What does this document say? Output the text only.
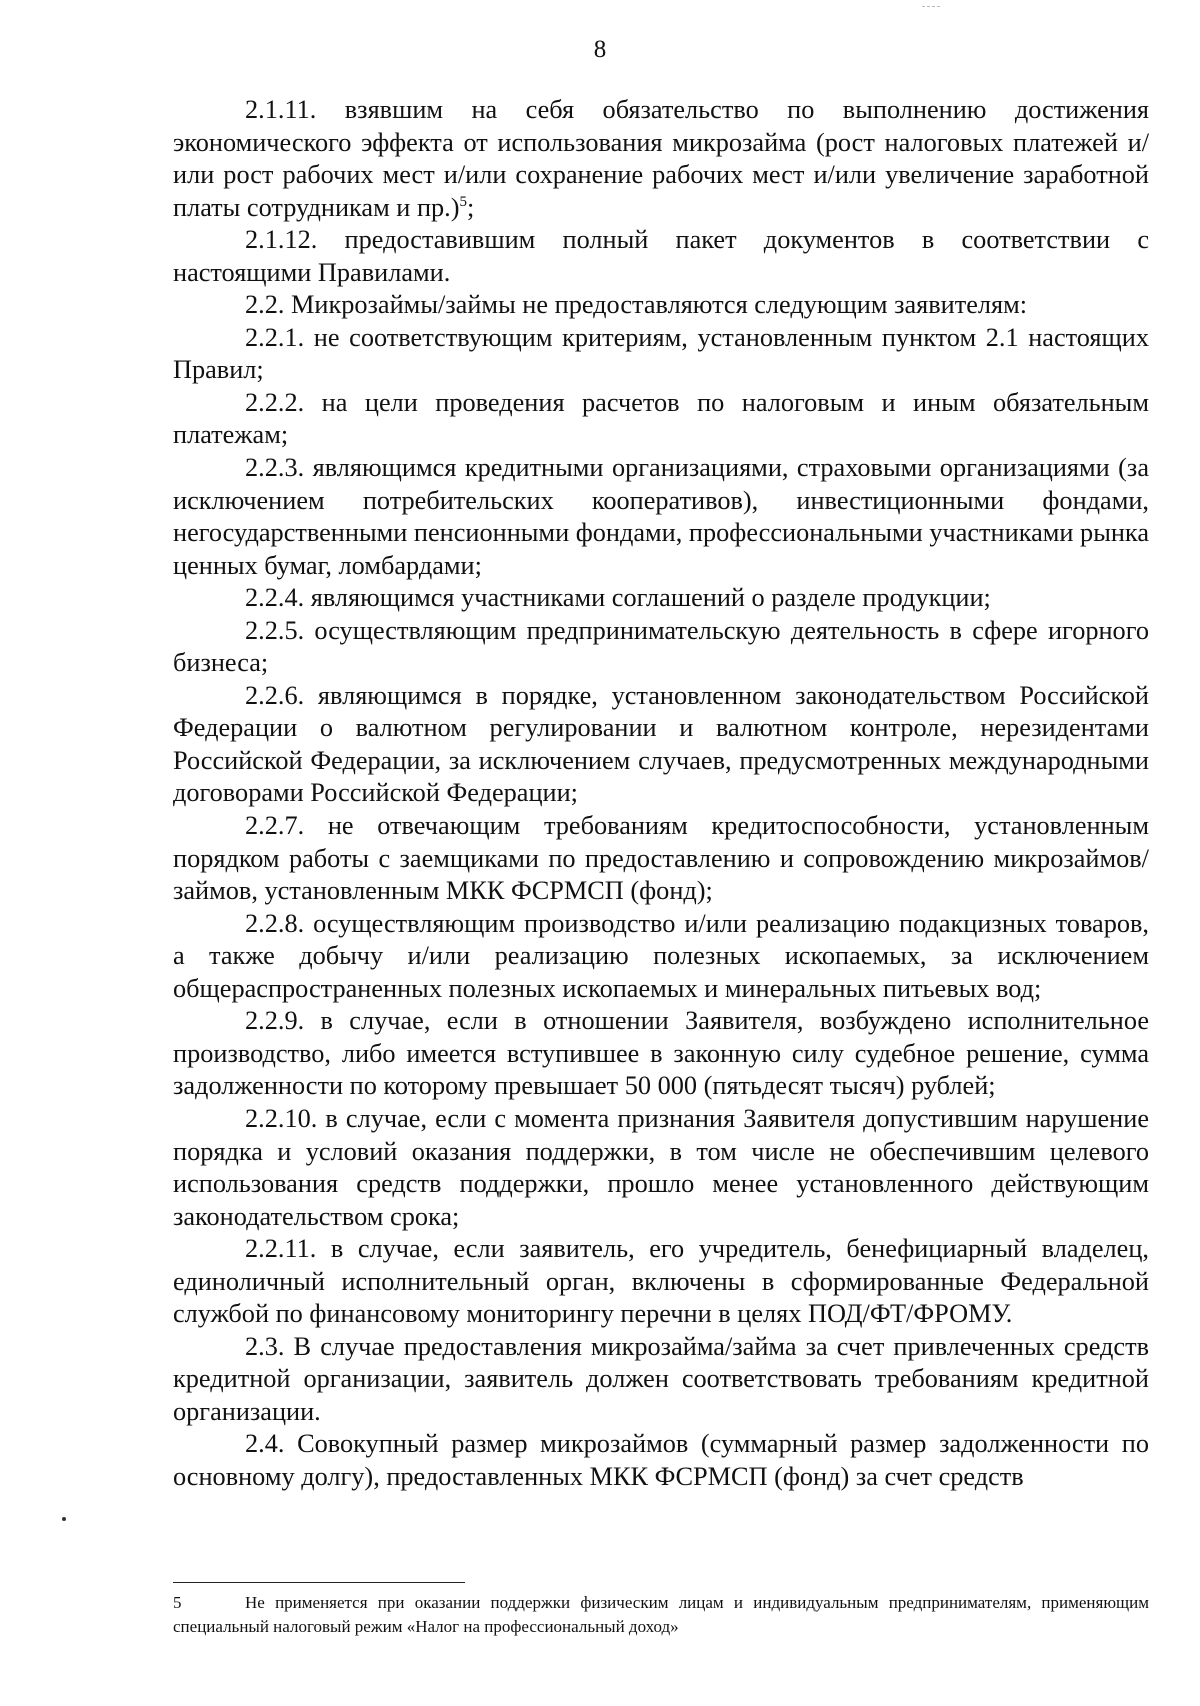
8

2.1.11. взявшим на себя обязательство по выполнению достижения экономического эффекта от использования микрозайма (рост налоговых платежей и/или рост рабочих мест и/или сохранение рабочих мест и/или увеличение заработной платы сотрудникам и пр.)$^5$;

2.1.12. предоставившим полный пакет документов в соответствии с настоящими Правилами.

2.2. Микрозаймы/займы не предоставляются следующим заявителям:

2.2.1. не соответствующим критериям, установленным пунктом 2.1 настоящих Правил;

2.2.2. на цели проведения расчетов по налоговым и иным обязательным платежам;

2.2.3. являющимся кредитными организациями, страховыми организациями (за исключением потребительских кооперативов), инвестиционными фондами, негосударственными пенсионными фондами, профессиональными участниками рынка ценных бумаг, ломбардами;

2.2.4. являющимся участниками соглашений о разделе продукции;

2.2.5. осуществляющим предпринимательскую деятельность в сфере игорного бизнеса;

2.2.6. являющимся в порядке, установленном законодательством Российской Федерации о валютном регулировании и валютном контроле, нерезидентами Российской Федерации, за исключением случаев, предусмотренных международными договорами Российской Федерации;

2.2.7. не отвечающим требованиям кредитоспособности, установленным порядком работы с заемщиками по предоставлению и сопровождению микрозаймов/займов, установленным МКК ФСРМСП (фонд);

2.2.8. осуществляющим производство и/или реализацию подакцизных товаров, а также добычу и/или реализацию полезных ископаемых, за исключением общераспространенных полезных ископаемых и минеральных питьевых вод;

2.2.9. в случае, если в отношении Заявителя, возбуждено исполнительное производство, либо имеется вступившее в законную силу судебное решение, сумма задолженности по которому превышает 50 000 (пятьдесят тысяч) рублей;

2.2.10. в случае, если с момента признания Заявителя допустившим нарушение порядка и условий оказания поддержки, в том числе не обеспечившим целевого использования средств поддержки, прошло менее установленного действующим законодательством срока;

2.2.11. в случае, если заявитель, его учредитель, бенефициарный владелец, единоличный исполнительный орган, включены в сформированные Федеральной службой по финансовому мониторингу перечни в целях ПОД/ФТ/ФРОМУ.

2.3. В случае предоставления микрозайма/займа за счет привлеченных средств кредитной организации, заявитель должен соответствовать требованиям кредитной организации.

2.4. Совокупный размер микрозаймов (суммарный размер задолженности по основному долгу), предоставленных МКК ФСРМСП (фонд) за счет средств

5	Не применяется при оказании поддержки физическим лицам и индивидуальным предпринимателям, применяющим специальный налоговый режим «Налог на профессиональный доход»
